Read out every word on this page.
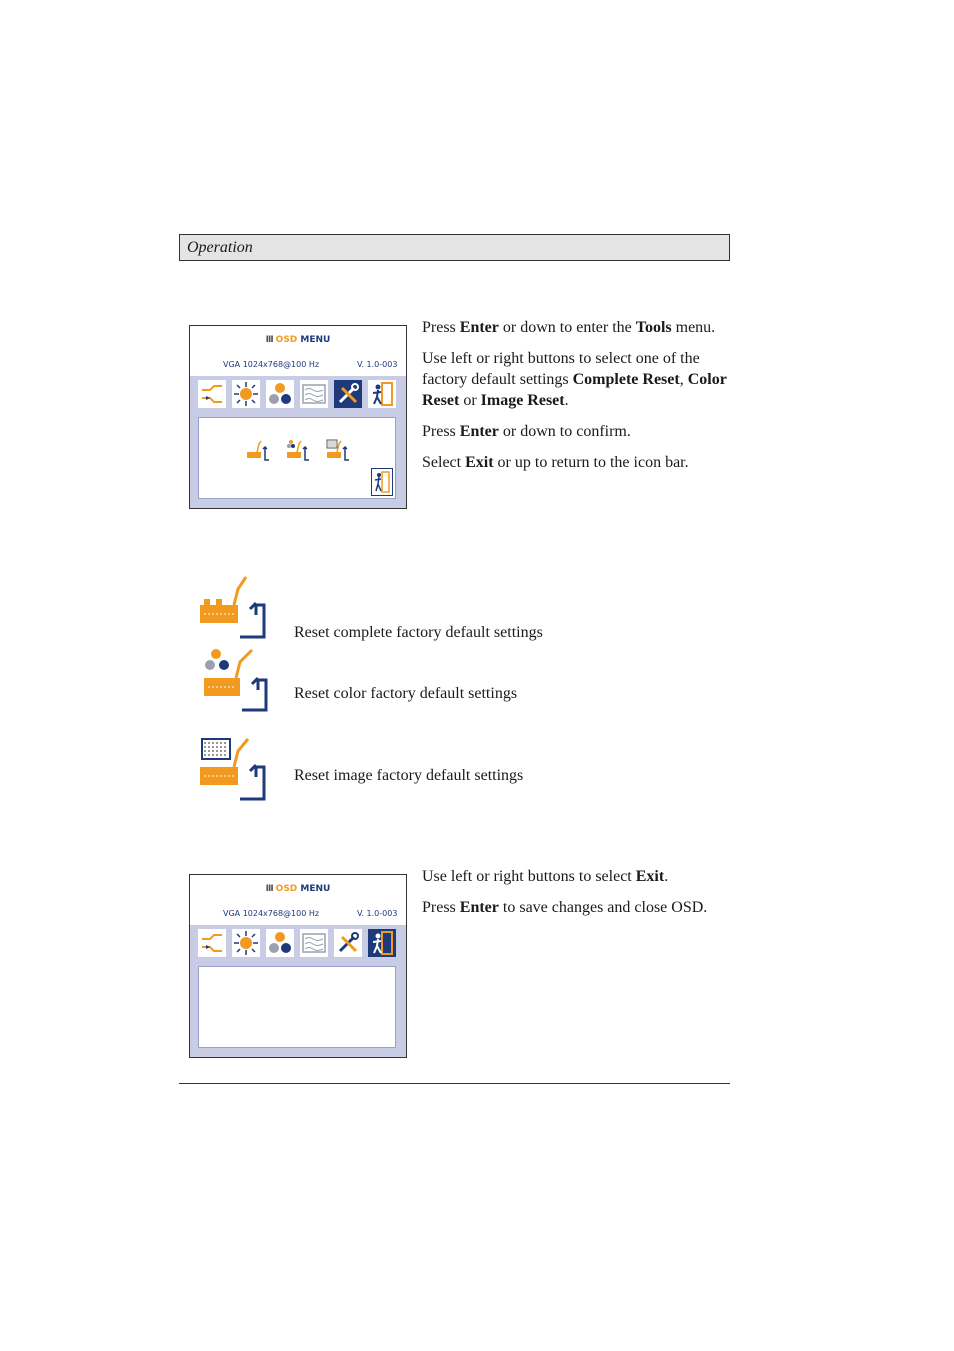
Operation
III OSD MENU
VGA 1024x768@100 Hz	V. 1.0-003

Press Enter or down to enter the Tools menu.

Use left or right buttons to select one of the factory default settings Complete Reset, Color Reset or Image Reset.

Press Enter or down to confirm.

Select Exit or up to return to the icon bar.

Reset complete factory default settings
Reset color factory default settings
Reset image factory default settings
III OSD MENU
VGA 1024x768@100 Hz	V. 1.0-003

Use left or right buttons to select Exit.

Press Enter to save changes and close OSD.
